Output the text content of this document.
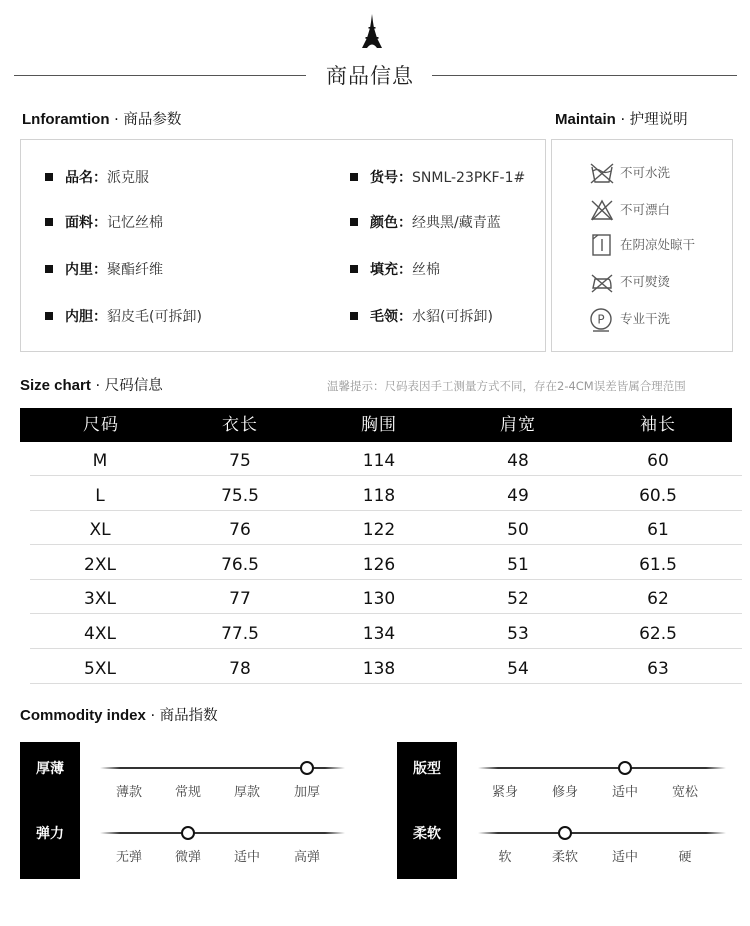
商品信息
Lnforamtion · 商品参数	Maintain · 护理说明
品名：派克服	货号：SNML-23PKF-1#
面料：记忆丝棉	颜色：经典黑/藏青蓝
内里：聚酯纤维	填充：丝棉
内胆：貂皮毛(可拆卸)	毛领：水貂(可拆卸)
不可水洗
不可漂白
在阴凉处晾干
不可熨烫
P 专业干洗
Size chart · 尺码信息	温馨提示：尺码表因手工测量方式不同，存在2-4CM误差皆属合理范围
尺码	衣长	胸围	肩宽	袖长
M	75	114	48	60
L	75.5	118	49	60.5
XL	76	122	50	61
2XL	76.5	126	51	61.5
3XL	77	130	52	62
4XL	77.5	134	53	62.5
5XL	78	138	54	63
Commodity index · 商品指数
厚薄
薄款	常规	厚款	加厚
弹力
无弹	微弹	适中	高弹
版型
紧身	修身	适中	宽松
柔软
软	柔软	适中	硬
